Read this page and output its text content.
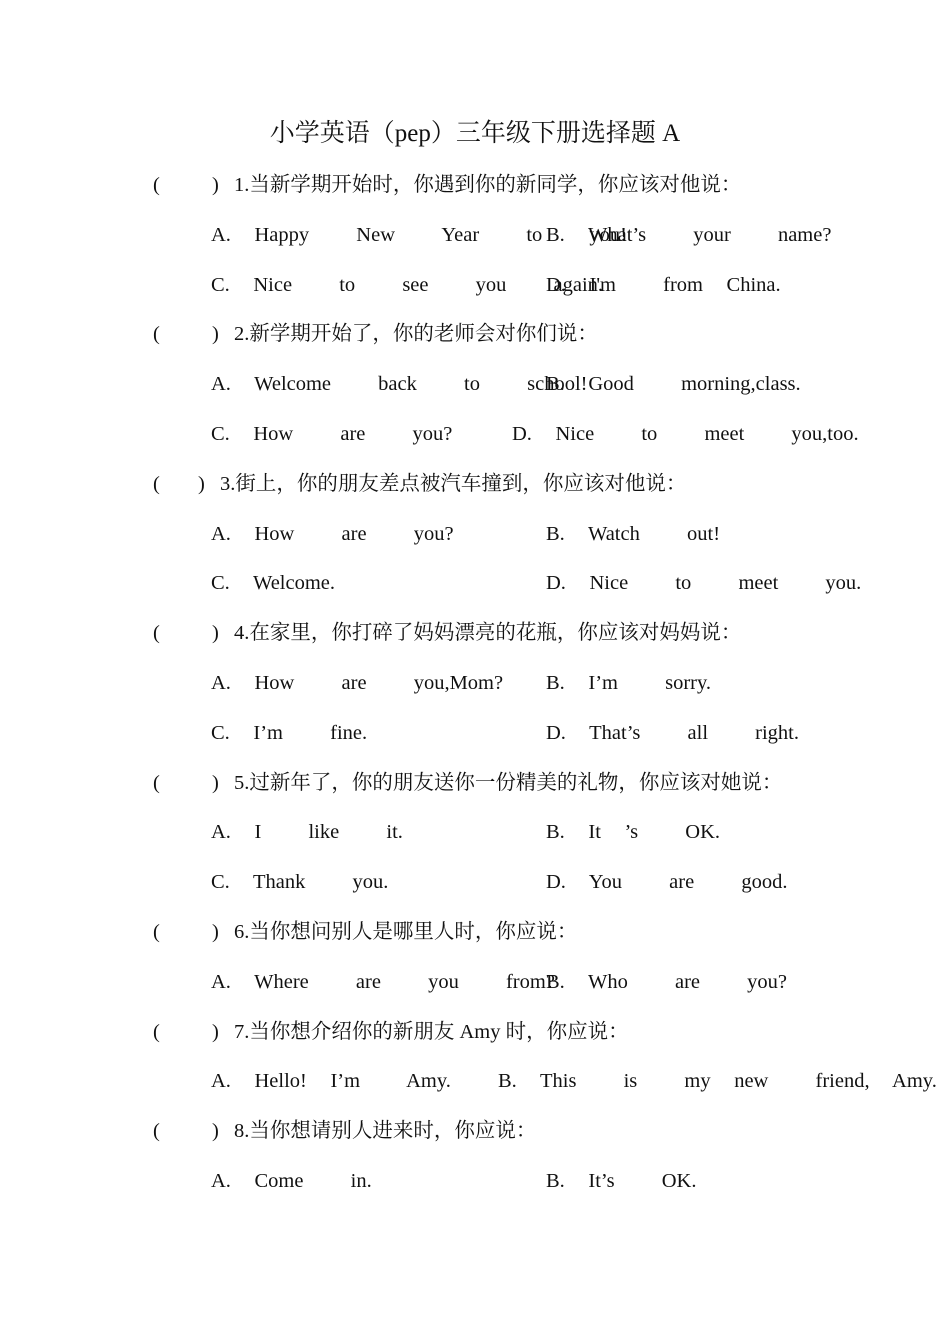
小学英语（pep）三年级下册选择题 A
(	) 1.当新学期开始时，你遇到你的新同学，你应该对他说：
A. Happy  New  Year  to  you!
B. What’s  your  name?
C. Nice  to  see  you  again.
D. I'm  from China.
(	) 2.新学期开始了，你的老师会对你们说：
A. Welcome  back  to  school!
B. Good  morning,class.
C. How  are  you?	D. Nice  to  meet  you,too.
( ) 3.街上，你的朋友差点被汽车撞到，你应该对他说：
A. How  are  you?	B. Watch  out!
C. Welcome.	D. Nice  to  meet  you.
(	) 4.在家里，你打碎了妈妈漂亮的花瓶，你应该对妈妈说：
A. How  are  you,Mom? B. I’m  sorry.
C. I’m  fine.	D. That’s  all  right.
(	) 5.过新年了，你的朋友送你一份精美的礼物，你应该对她说：
A. I  like  it.	B. It ’s  OK.
C. Thank  you.	D. You  are  good.
(	) 6.当你想问别人是哪里人时，你应说：
A. Where  are  you  from?
B. Who  are  you?
(	) 7.当你想介绍你的新朋友 Amy 时，你应说：
A. Hello! I’m  Amy.  B. This  is  my new  friend, Amy.
(	) 8.当你想请别人进来时，你应说：
A. Come  in.	B. It’s  OK.
